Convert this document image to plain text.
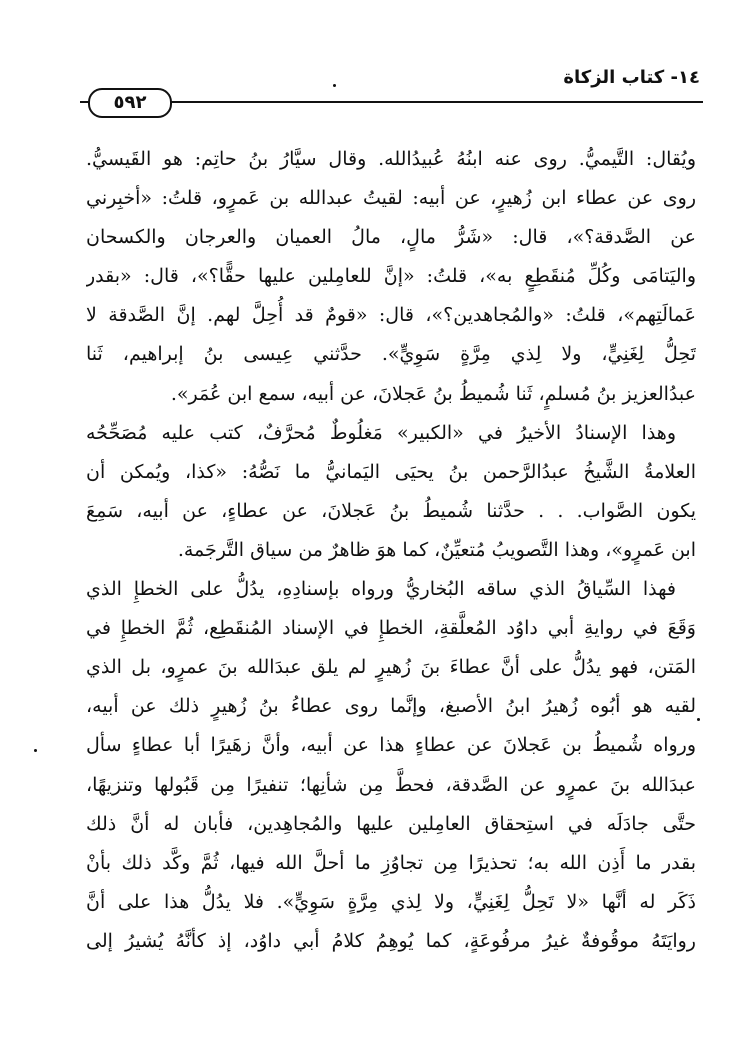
١٤- كتاب الزكاة
٥٩٢
ويُقال: التَّيميُّ. روى عنه ابنُهُ عُبيدُالله. وقال سيَّارُ بنُ حاتِم: هو القَيسيُّ.
روى عن عطاء ابن زُهيرٍ، عن أبيه: لقيتُ عبدالله بن عَمرٍو، قلتُ: «أخبِرني
عن الصَّدقة؟»، قال: «شَرُّ مالٍ، مالُ العميان والعرجان والكسحان
واليَتامَى وكُلِّ مُنقَطِعٍ به»، قلتُ: «إنَّ للعامِلين عليها حقًّا؟»، قال: «بقدر
عَمالَتِهم»، قلتُ: «والمُجاهدين؟»، قال: «قومٌ قد أُحِلَّ لهم. إنَّ الصَّدقة لا
تَحِلُّ لِغَنِيٍّ، ولا لِذي مِرَّةٍ سَوِيٍّ». حدَّثني عِيسى بنُ إبراهيم، ثَنا
عبدُالعزيز بنُ مُسلمٍ، ثَنا شُميطُ بنُ عَجلانَ، عن أبيه، سمع ابن عُمَر».
وهذا الإسنادُ الأخيرُ في «الكبير» مَغلُوطٌ مُحرَّفٌ، كتب عليه مُصَحِّحُه
العلامةُ الشَّيخُ عبدُالرَّحمن بنُ يحيَى اليَمانيُّ ما نَصُّهُ: «كذا، ويُمكن أن
يكون الصَّواب. . . حدَّثنا شُميطُ بنُ عَجلانَ، عن عطاءٍ، عن أبيه، سَمِعَ
ابن عَمرٍو»، وهذا التَّصويبُ مُتعيِّنٌ، كما هوَ ظاهرٌ من سياق التَّرجَمة.
فهذا السِّياقُ الذي ساقه البُخاريُّ ورواه بإسنادِهِ، يدُلُّ على الخطإِ الذي
وَقَعَ في روايةِ أبي داوُد المُعلَّقةِ، الخطإِ في الإسناد المُنقَطِع، ثُمَّ الخطإِ في
المَتن، فهو يدُلُّ على أنَّ عطاءَ بنَ زُهيرٍ لم يلق عبدَالله بنَ عمرٍو، بل الذي
لقيه هو أبُوه زُهيرُ ابنُ الأصبغ، وإنَّما روى عطاءُ بنُ زُهيرٍ ذلك عن أبيه،
ورواه شُميطُ بن عَجلانَ عن عطاءٍ هذا عن أبيه، وأنَّ زهَيرًا أبا عطاءٍ سأل
عبدَالله بنَ عمرٍو عن الصَّدقة، فحطَّ مِن شأنِها؛ تنفيرًا مِن قَبُولها وتنزيهًا،
حتَّى جادَلَه في استِحقاق العامِلين عليها والمُجاهِدين، فأبان له أنَّ ذلك
بقدر ما أَذِن الله به؛ تحذيرًا مِن تجاوُزِ ما أحلَّ الله فيها، ثُمَّ وكَّد ذلك بأنْ
ذَكَر له أنَّها «لا تَحِلُّ لِغَنِيٍّ، ولا لِذي مِرَّةٍ سَوِيٍّ». فلا يدُلُّ هذا على أنَّ
روايَتَهُ موقُوفةٌ غيرُ مرفُوعَةٍ، كما يُوهِمُ كلامُ أبي داوُد، إذ كأنَّهُ يُشيرُ إلى
